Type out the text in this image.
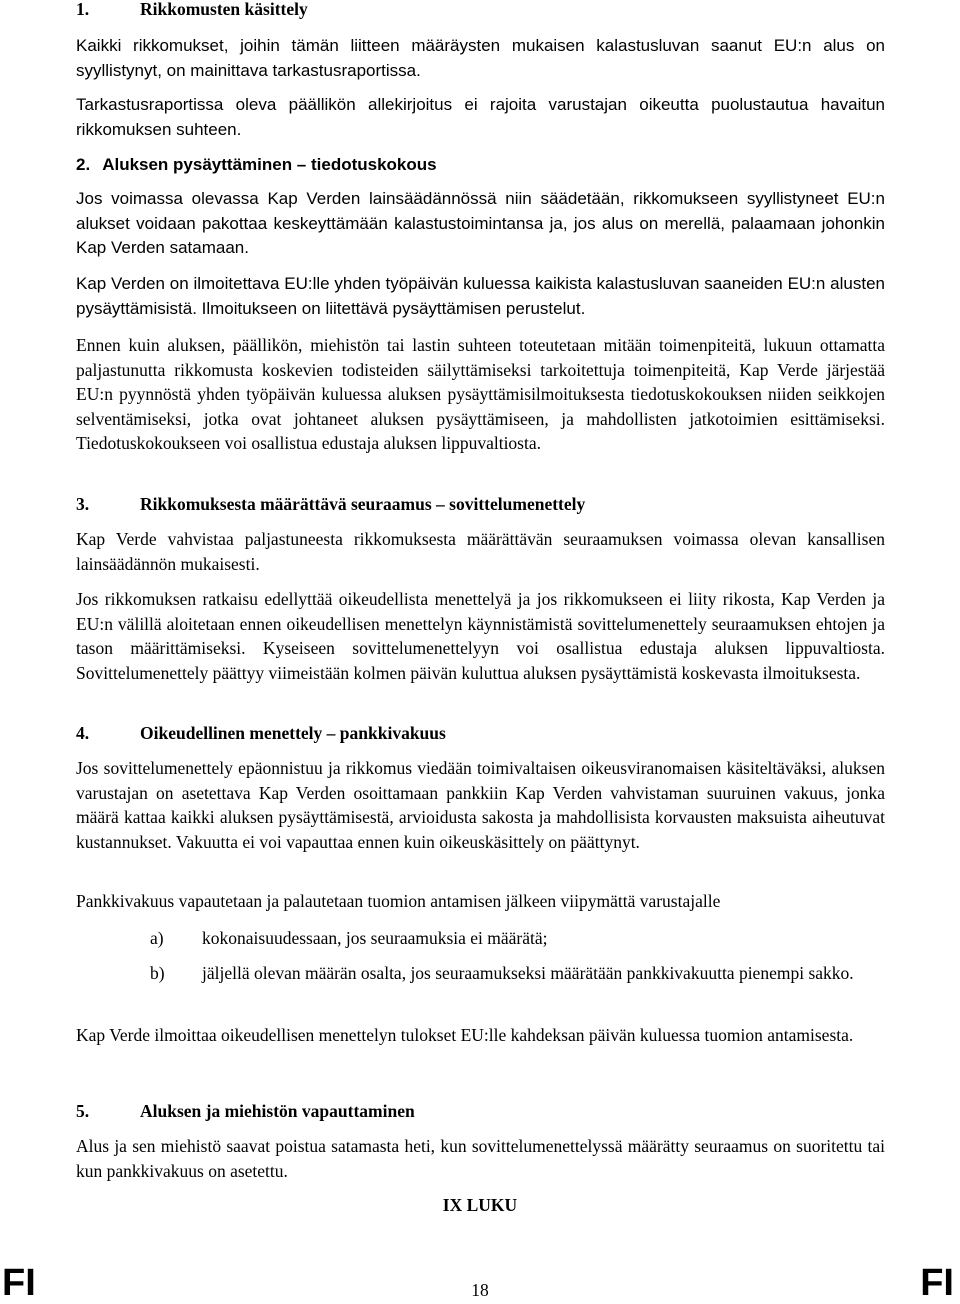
1.	Rikkomusten käsittely

Kaikki rikkomukset, joihin tämän liitteen määräysten mukaisen kalastusluvan saanut EU:n alus on syyllistynyt, on mainittava tarkastusraportissa.

Tarkastusraportissa oleva päällikön allekirjoitus ei rajoita varustajan oikeutta puolustautua havaitun rikkomuksen suhteen.

2. Aluksen pysäyttäminen – tiedotuskokous

Jos voimassa olevassa Kap Verden lainsäädännössä niin säädetään, rikkomukseen syyllistyneet EU:n alukset voidaan pakottaa keskeyttämään kalastustoimintansa ja, jos alus on merellä, palaamaan johonkin Kap Verden satamaan.

Kap Verden on ilmoitettava EU:lle yhden työpäivän kuluessa kaikista kalastusluvan saaneiden EU:n alusten pysäyttämisistä. Ilmoitukseen on liitettävä pysäyttämisen perustelut.

Ennen kuin aluksen, päällikön, miehistön tai lastin suhteen toteutetaan mitään toimenpiteitä, lukuun ottamatta paljastunutta rikkomusta koskevien todisteiden säilyttämiseksi tarkoitettuja toimenpiteitä, Kap Verde järjestää EU:n pyynnöstä yhden työpäivän kuluessa aluksen pysäyttämisilmoituksesta tiedotuskokouksen niiden seikkojen selventämiseksi, jotka ovat johtaneet aluksen pysäyttämiseen, ja mahdollisten jatkotoimien esittämiseksi. Tiedotuskokoukseen voi osallistua edustaja aluksen lippuvaltiosta.

3.	Rikkomuksesta määrättävä seuraamus – sovittelumenettely

Kap Verde vahvistaa paljastuneesta rikkomuksesta määrättävän seuraamuksen voimassa olevan kansallisen lainsäädännön mukaisesti.

Jos rikkomuksen ratkaisu edellyttää oikeudellista menettelyä ja jos rikkomukseen ei liity rikosta, Kap Verden ja EU:n välillä aloitetaan ennen oikeudellisen menettelyn käynnistämistä sovittelumenettely seuraamuksen ehtojen ja tason määrittämiseksi. Kyseiseen sovittelumenettelyyn voi osallistua edustaja aluksen lippuvaltiosta. Sovittelumenettely päättyy viimeistään kolmen päivän kuluttua aluksen pysäyttämistä koskevasta ilmoituksesta.

4.	Oikeudellinen menettely – pankkivakuus

Jos sovittelumenettely epäonnistuu ja rikkomus viedään toimivaltaisen oikeusviranomaisen käsiteltäväksi, aluksen varustajan on asetettava Kap Verden osoittamaan pankkiin Kap Verden vahvistaman suuruinen vakuus, jonka määrä kattaa kaikki aluksen pysäyttämisestä, arvioidusta sakosta ja mahdollisista korvausten maksuista aiheutuvat kustannukset. Vakuutta ei voi vapauttaa ennen kuin oikeuskäsittely on päättynyt.

Pankkivakuus vapautetaan ja palautetaan tuomion antamisen jälkeen viipymättä varustajalle

a) kokonaisuudessaan, jos seuraamuksia ei määrätä;
b) jäljellä olevan määrän osalta, jos seuraamukseksi määrätään pankkivakuutta pienempi sakko.

Kap Verde ilmoittaa oikeudellisen menettelyn tulokset EU:lle kahdeksan päivän kuluessa tuomion antamisesta.

5.	Aluksen ja miehistön vapauttaminen

Alus ja sen miehistö saavat poistua satamasta heti, kun sovittelumenettelyssä määrätty seuraamus on suoritettu tai kun pankkivakuus on asetettu.

IX LUKU
FI	18	FI
